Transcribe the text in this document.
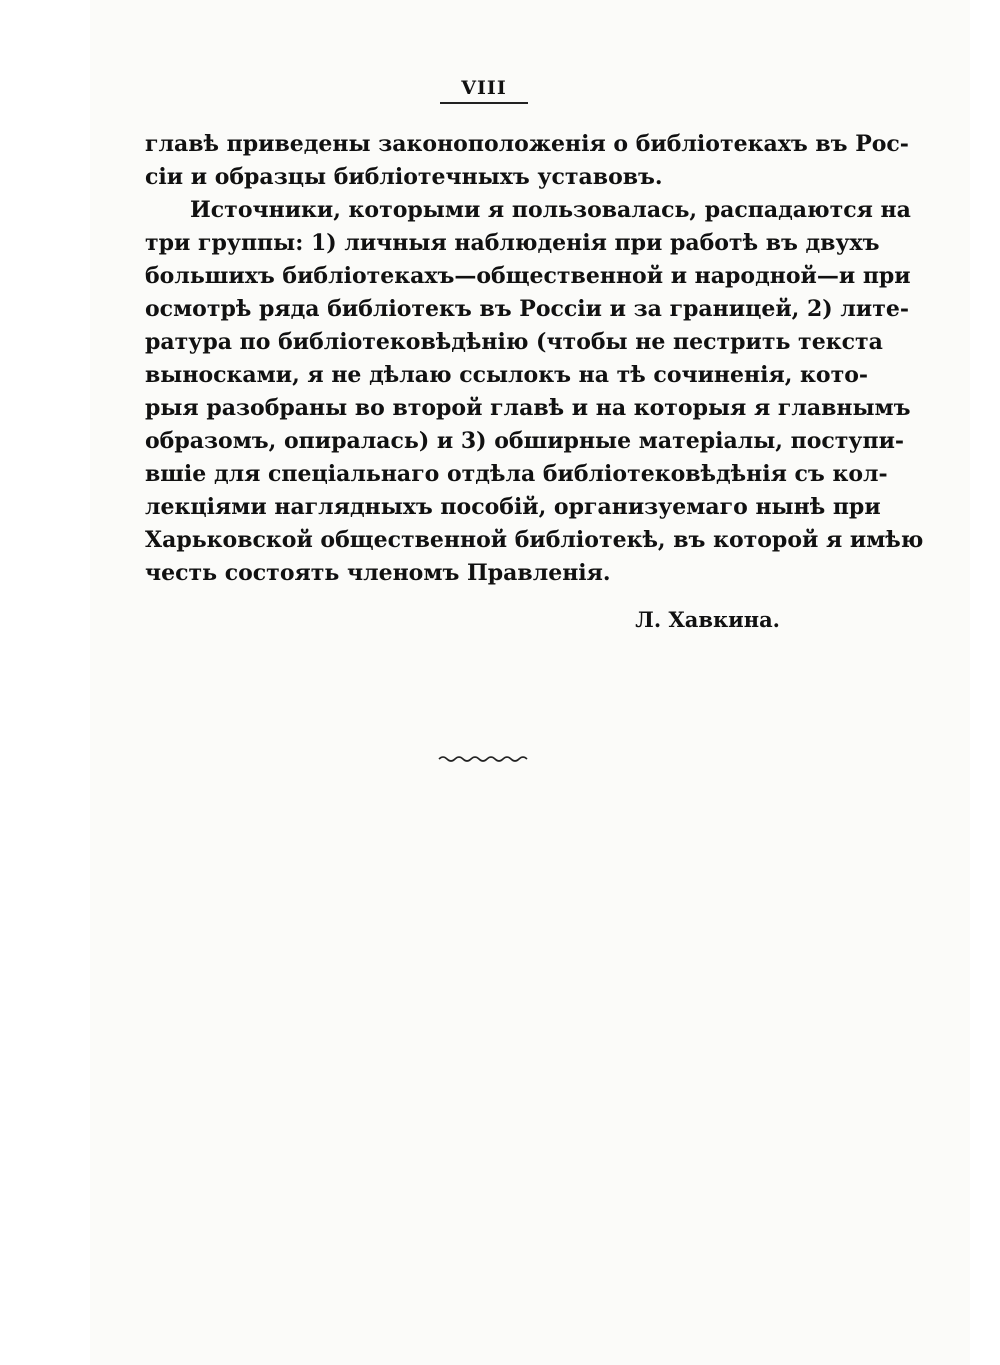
VIII
главѣ приведены законоположенія о библіотекахъ въ Рос-
сіи и образцы библіотечныхъ уставовъ.
Источники, которыми я пользовалась, распадаются на
три группы: 1) личныя наблюденія при работѣ въ двухъ
большихъ библіотекахъ—общественной и народной—и при
осмотрѣ ряда библіотекъ въ Россіи и за границей, 2) лите-
ратура по библіотековѣдѣнію (чтобы не пестрить текста
выносками, я не дѣлаю ссылокъ на тѣ сочиненія, кото-
рыя разобраны во второй главѣ и на которыя я главнымъ
образомъ, опиралась) и 3) обширные матеріалы, поступи-
вшіе для спеціальнаго отдѣла библіотековѣдѣнія съ кол-
лекціями наглядныхъ пособій, организуемаго нынѣ при
Харьковской общественной библіотекѣ, въ которой я имѣю
честь состоять членомъ Правленія.
Л. Хавкина.
